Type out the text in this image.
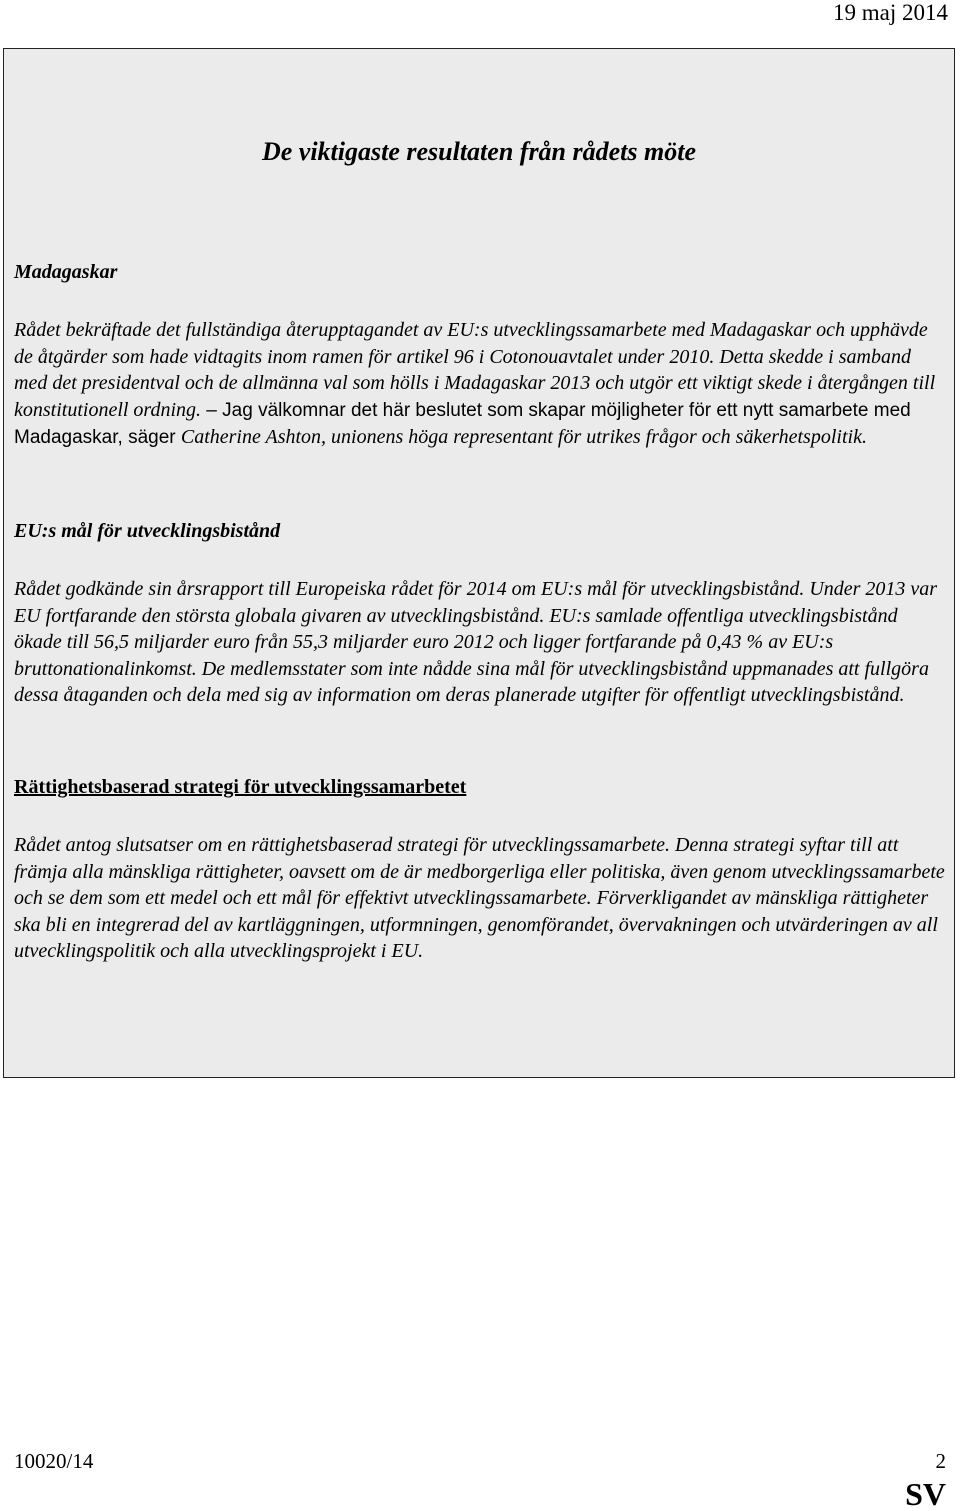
19 maj 2014
De viktigaste resultaten från rådets möte

Madagaskar

Rådet bekräftade det fullständiga återupptagandet av EU:s utvecklingssamarbete med Madagaskar och upphävde de åtgärder som hade vidtagits inom ramen för artikel 96 i Cotonouavtalet under 2010. Detta skedde i samband med det presidentval och de allmänna val som hölls i Madagaskar 2013 och utgör ett viktigt skede i återgången till konstitutionell ordning. – Jag välkomnar det här beslutet som skapar möjligheter för ett nytt samarbete med Madagaskar, säger Catherine Ashton, unionens höga representant för utrikes frågor och säkerhetspolitik.

EU:s mål för utvecklingsbistånd

Rådet godkände sin årsrapport till Europeiska rådet för 2014 om EU:s mål för utvecklingsbistånd. Under 2013 var EU fortfarande den största globala givaren av utvecklingsbistånd. EU:s samlade offentliga utvecklingsbistånd ökade till 56,5 miljarder euro från 55,3 miljarder euro 2012 och ligger fortfarande på 0,43 % av EU:s bruttonationalinkomst. De medlemsstater som inte nådde sina mål för utvecklingsbistånd uppmanades att fullgöra dessa åtaganden och dela med sig av information om deras planerade utgifter för offentligt utvecklingsbistånd.

Rättighetsbaserad strategi för utvecklingssamarbetet

Rådet antog slutsatser om en rättighetsbaserad strategi för utvecklingssamarbete. Denna strategi syftar till att främja alla mänskliga rättigheter, oavsett om de är medborgerliga eller politiska, även genom utvecklingssamarbete och se dem som ett medel och ett mål för effektivt utvecklingssamarbete. Förverkligandet av mänskliga rättigheter ska bli en integrerad del av kartläggningen, utformningen, genomförandet, övervakningen och utvärderingen av all utvecklingspolitik och alla utvecklingsprojekt i EU.

10020/14	2
SV
